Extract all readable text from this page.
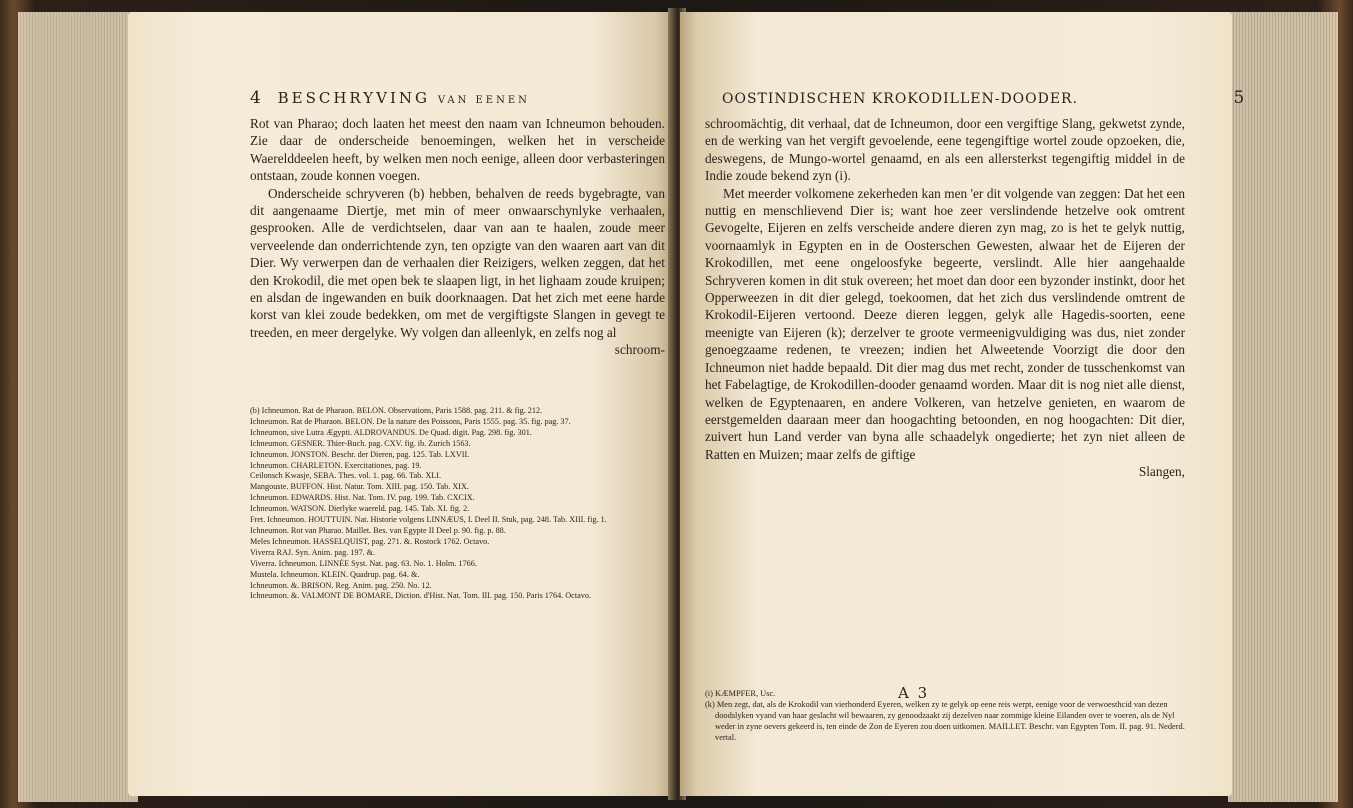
4 BESCHRYVING VAN EENEN

Rot van Pharao; doch laaten het meest den naam van Ichneumon behouden. Zie daar de onderscheide benoemingen, welken het in verscheide Waerelddeelen heeft, by welken men noch eenige, alleen door verbasteringen ontstaan, zoude konnen voegen.

Onderscheide schryveren (b) hebben, behalven de reeds bygebragte, van dit aangenaame Diertje, met min of meer onwaarschynlyke verhaalen, gesprooken. Alle de verdichtselen, daar van aan te haalen, zoude meer verveelende dan onderrichtende zyn, ten opzigte van den waaren aart van dit Dier. Wy verwerpen dan de verhaalen dier Reizigers, welken zeggen, dat het den Krokodil, die met open bek te slaapen ligt, in het lighaam zoude kruipen; en alsdan de ingewanden en buik doorknaagen. Dat het zich met eene harde korst van klei zoude bedekken, om met de vergiftigste Slangen in gevegt te treeden, en meer dergelyke. Wy volgen dan alleenlyk, en zelfs nog al

schroom-

(b) Ichneumon. Rat de Pharaon. BELON. Observations, Paris 1588. pag. 211. & fig. 212.

Ichneumon. Rat de Pharaon. BELON. De la nature des Poissons, Paris 1555. pag. 35. fig. pag. 37.

Ichneumon, sive Lutra Ægypti. ALDROVANDUS. De Quad. digit. Pag. 298. fig. 301.

Ichneumon. GESNER. Thier-Buch. pag. CXV. fig. ib. Zurich 1563.

Ichneumon. JONSTON. Beschr. der Dieren, pag. 125. Tab. LXVII.

Ichneumon. CHARLETON. Exercitationes, pag. 19.

Ceilonsch Kwasje, SEBA. Thes. vol. 1. pag. 66. Tab. XLI.

Mangouste. BUFFON. Hist. Natur. Tom. XIII. pag. 150. Tab. XIX.

Ichneumon. EDWARDS. Hist. Nat. Tom. IV. pag. 199. Tab. CXCIX.

Ichneumon. WATSON. Dierlyke waereld. pag. 145. Tab. XI. fig. 2.

Fret. Ichneumon. HOUTTUIN. Nat. Historie volgens LINNÆUS, I. Deel II. Stuk, pag. 248. Tab. XIII. fig. 1.

Ichneumon. Rot van Pharao. Maillet. Bes. van Egypte II Deel p. 90. fig. p. 88.

Meles Ichneumon. HASSELQUIST, pag. 271. &. Rostock 1762. Octavo.

Viverra RAJ. Syn. Anim. pag. 197. &.

Viverra. Ichneumon. LINNÉE Syst. Nat. pag. 63. No. 1. Holm. 1766.

Mustela. Ichneumon. KLEIN. Quadrup. pag. 64. &.

Ichneumon. &. BRISON. Reg. Anim. pag. 250. No. 12.

Ichneumon. &. VALMONT DE BOMARE, Diction. d'Hist. Nat. Tom. III. pag. 150. Paris 1764. Octavo.

OOSTINDISCHEN KROKODILLEN-DOODER.	5

schroomächtig, dit verhaal, dat de Ichneumon, door een vergiftige Slang, gekwetst zynde, en de werking van het vergift gevoelende, eene tegengiftige wortel zoude opzoeken, die, deswegens, de Mungo-wortel genaamd, en als een allersterkst tegengiftig middel in de Indie zoude bekend zyn (i).

Met meerder volkomene zekerheden kan men 'er dit volgende van zeggen: Dat het een nuttig en menschlievend Dier is; want hoe zeer verslindende hetzelve ook omtrent Gevogelte, Eijeren en zelfs verscheide andere dieren zyn mag, zo is het te gelyk nuttig, voornaamlyk in Egypten en in de Oosterschen Gewesten, alwaar het de Eijeren der Krokodillen, met eene ongeloosfyke begeerte, verslindt. Alle hier aangehaalde Schryveren komen in dit stuk overeen; het moet dan door een byzonder instinkt, door het Opperweezen in dit dier gelegd, toekoomen, dat het zich dus verslindende omtrent de Krokodil-Eijeren vertoond. Deeze dieren leggen, gelyk alle Hagedis-soorten, eene meenigte van Eijeren (k); derzelver te groote vermeenigvuldiging was dus, niet zonder genoegzaame redenen, te vreezen; indien het Alweetende Voorzigt die door den Ichneumon niet hadde bepaald. Dit dier mag dus met recht, zonder de tusschenkomst van het Fabelagtige, de Krokodillen-dooder genaamd worden. Maar dit is nog niet alle dienst, welken de Egyptenaaren, en andere Volkeren, van hetzelve genieten, en waarom de eerstgemelden daaraan meer dan hoogachting betoonden, en nog hoogachten: Dit dier, zuivert hun Land verder van byna alle schaadelyk ongedierte; het zyn niet alleen de Ratten en Muizen; maar zelfs de giftige

Slangen,

(i) KÆMPFER, Usc.

(k) Men zegt, dat, als de Krokodil van vierhonderd Eyeren, welken zy te gelyk op eene reis werpt, eenige voor de verwoesthcid van dezen doodslyken vyand van haar geslacht wil bewaaren, zy genoodzaakt zij dezelven naar zommige kleine Eilanden over te voeren, als de Nyl weder in zyne oevers gekeerd is, ten einde de Zon de Eyeren zou doen uitkomen. MAILLET. Beschr. van Egypten Tom. II. pag. 91. Nederd. vertal.

A 3
